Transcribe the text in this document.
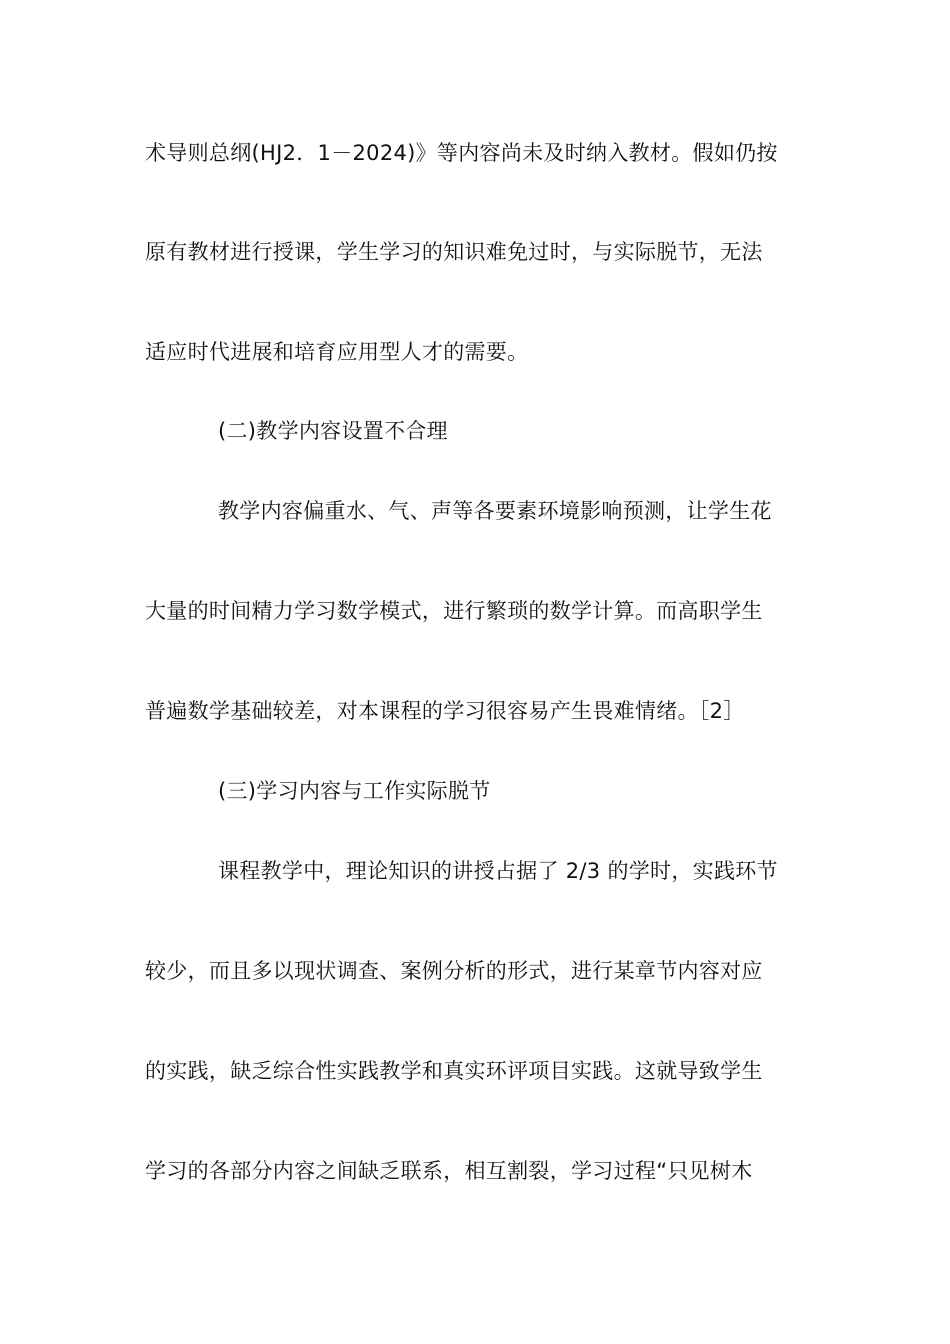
术导则总纲(HJ2．1－2024)》等内容尚未及时纳入教材。假如仍按
原有教材进行授课，学生学习的知识难免过时，与实际脱节，无法
适应时代进展和培育应用型人才的需要。
(二)教学内容设置不合理
教学内容偏重水、气、声等各要素环境影响预测，让学生花
大量的时间精力学习数学模式，进行繁琐的数学计算。而高职学生
普遍数学基础较差，对本课程的学习很容易产生畏难情绪。［2］
(三)学习内容与工作实际脱节
课程教学中，理论知识的讲授占据了 2/3 的学时，实践环节
较少，而且多以现状调查、案例分析的形式，进行某章节内容对应
的实践，缺乏综合性实践教学和真实环评项目实践。这就导致学生
学习的各部分内容之间缺乏联系，相互割裂，学习过程“只见树木
